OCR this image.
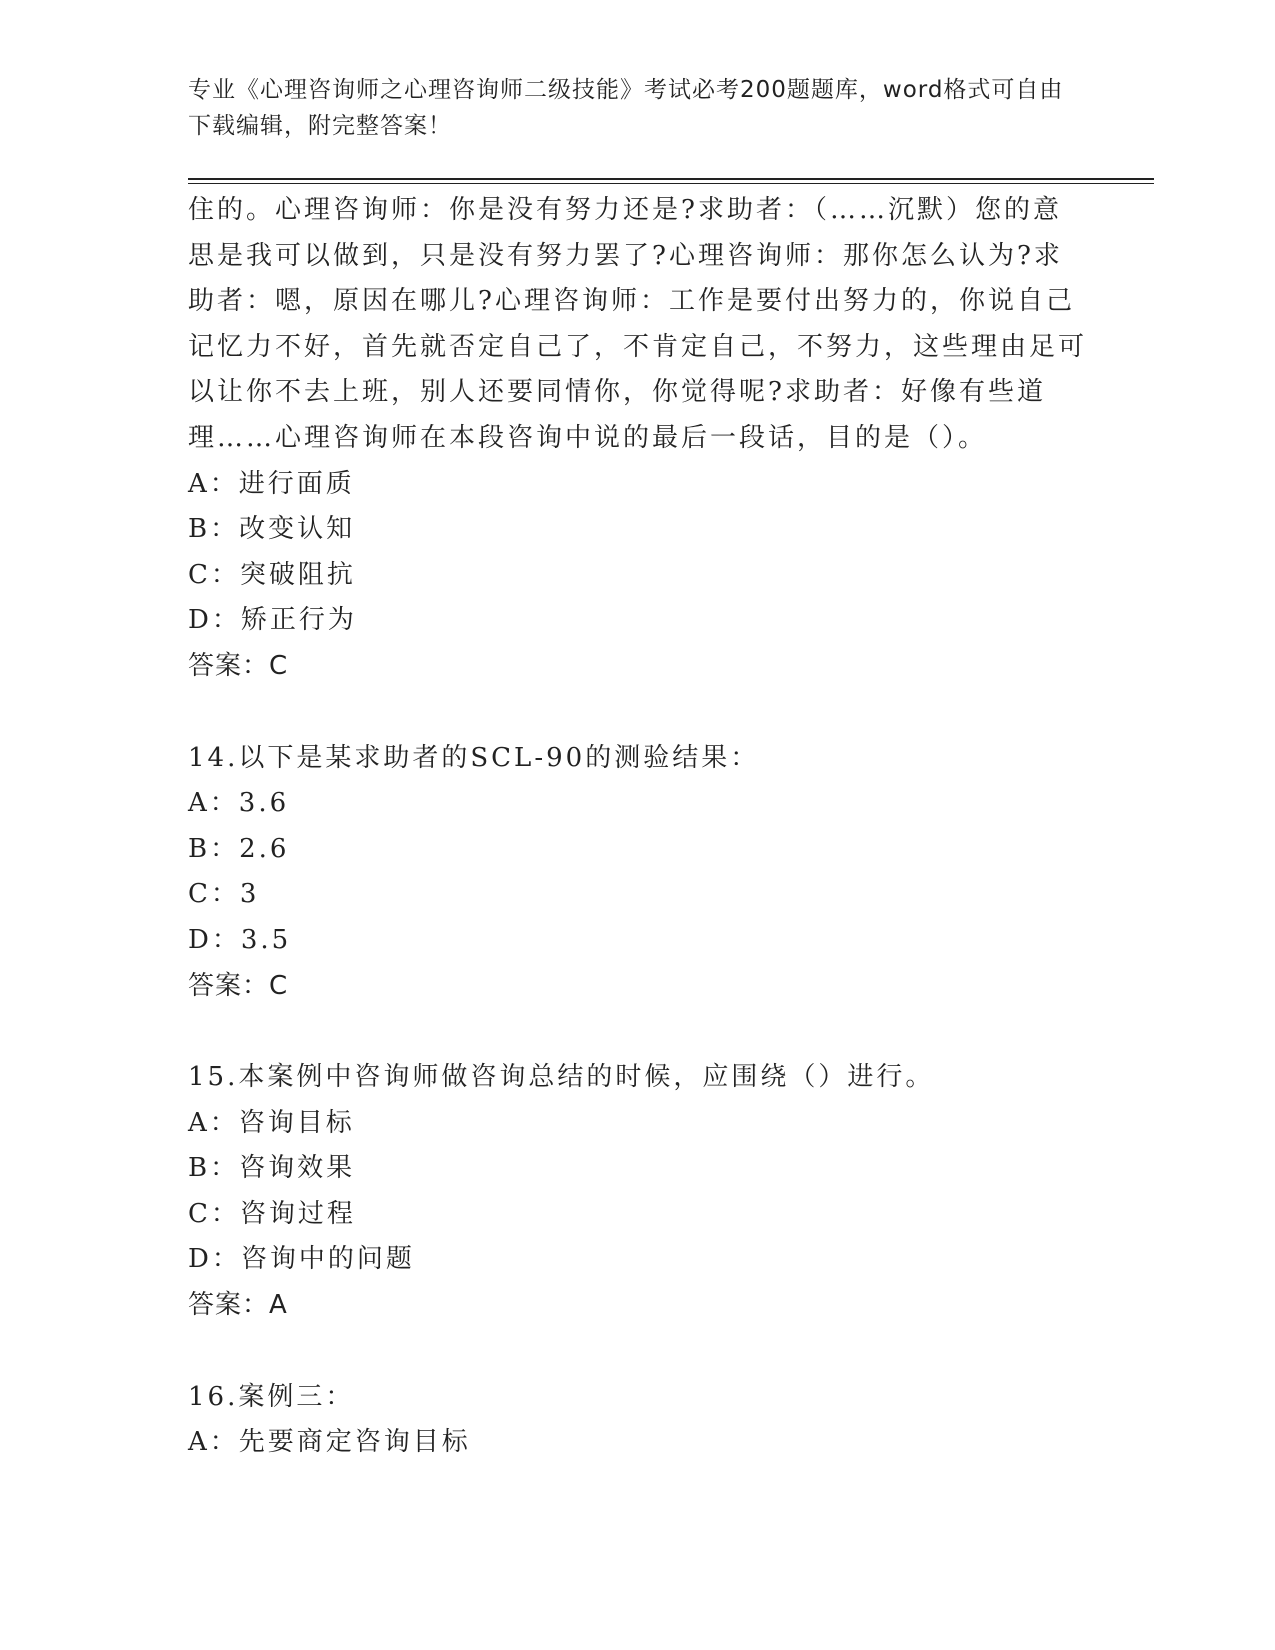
专业《心理咨询师之心理咨询师二级技能》考试必考200题题库，word格式可自由下载编辑，附完整答案！

住的。心理咨询师：你是没有努力还是?求助者：（……沉默）您的意思是我可以做到，只是没有努力罢了?心理咨询师：那你怎么认为?求助者：嗯，原因在哪儿?心理咨询师：工作是要付出努力的，你说自己记忆力不好，首先就否定自己了，不肯定自己，不努力，这些理由足可以让你不去上班，别人还要同情你，你觉得呢?求助者：好像有些道理……心理咨询师在本段咨询中说的最后一段话，目的是（）。

A：进行面质
B：改变认知
C：突破阻抗
D：矫正行为
答案：C
14.以下是某求助者的SCL-90的测验结果：
A：3.6
B：2.6
C：3
D：3.5
答案：C
15.本案例中咨询师做咨询总结的时候，应围绕（）进行。
A：咨询目标
B：咨询效果
C：咨询过程
D：咨询中的问题
答案：A
16.案例三：
A：先要商定咨询目标
